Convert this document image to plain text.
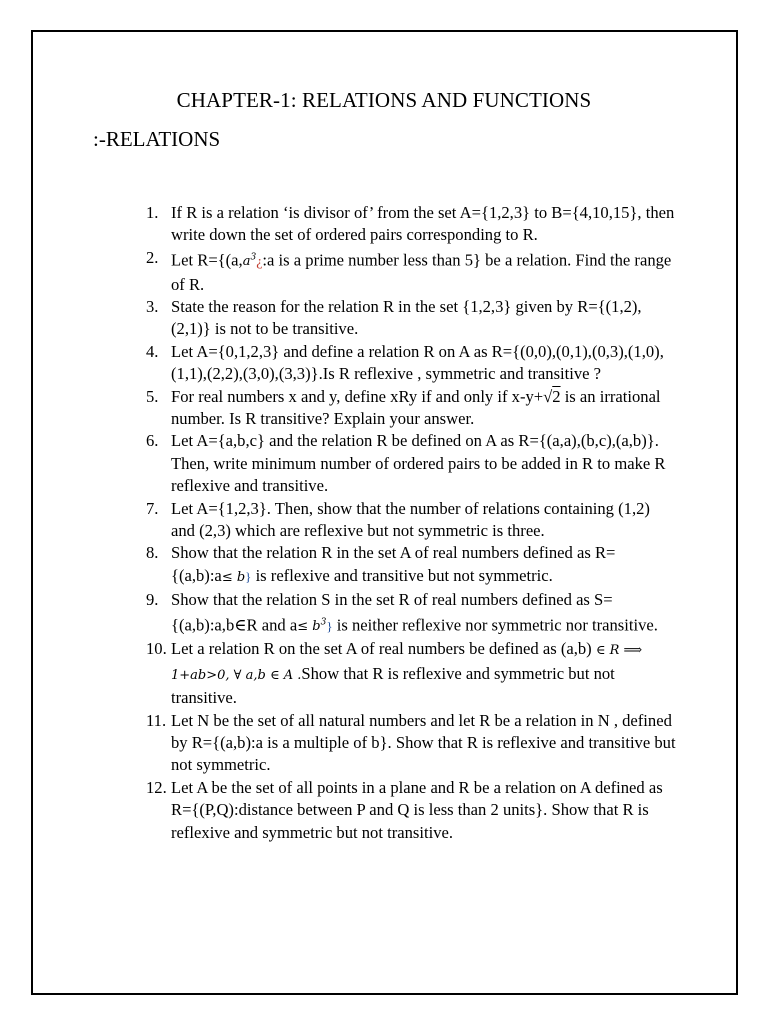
CHAPTER-1: RELATIONS AND FUNCTIONS
:-RELATIONS
1. If R is a relation ‘is divisor of’ from the set A={1,2,3} to B={4,10,15}, then write down the set of ordered pairs corresponding to R.
2. Let $R=\{(a,a^3¿:a$ is a prime number less than 5} be a relation. Find the range of R.
3. State the reason for the relation R in the set {1,2,3} given by R={(1,2),(2,1)} is not to be transitive.
4. Let A={0,1,2,3} and define a relation R on A as R={(0,0),(0,1),(0,3),(1,0),(1,1),(2,2),(3,0),(3,3)}.Is R reflexive , symmetric and transitive ?
5. For real numbers x and y, define xRy if and only if x-y+√2 is an irrational number. Is R transitive? Explain your answer.
6. Let A={a,b,c} and the relation R be defined on A as R={(a,a),(b,c),(a,b)}. Then, write minimum number of ordered pairs to be added in R to make R reflexive and transitive.
7. Let A={1,2,3}. Then, show that the number of relations containing (1,2) and (2,3) which are reflexive but not symmetric is three.
8. Show that the relation R in the set A of real numbers defined as R={(a,b):a≤ b} is reflexive and transitive but not symmetric.
9. Show that the relation S in the set R of real numbers defined as S={(a,b):a,b∈R and $a\le b^3$} is neither reflexive nor symmetric nor transitive.
10. Let a relation R on the set A of real numbers be defined as (a,b) ∈ R ⟹ 1+ab>0, ∀ a,b ∈ A .Show that R is reflexive and symmetric but not transitive.
11. Let N be the set of all natural numbers and let R be a relation in N , defined by R={(a,b):a is a multiple of b}. Show that R is reflexive and transitive but not symmetric.
12. Let A be the set of all points in a plane and R be a relation on A defined as R={(P,Q):distance between P and Q is less than 2 units}. Show that R is reflexive and symmetric but not transitive.
